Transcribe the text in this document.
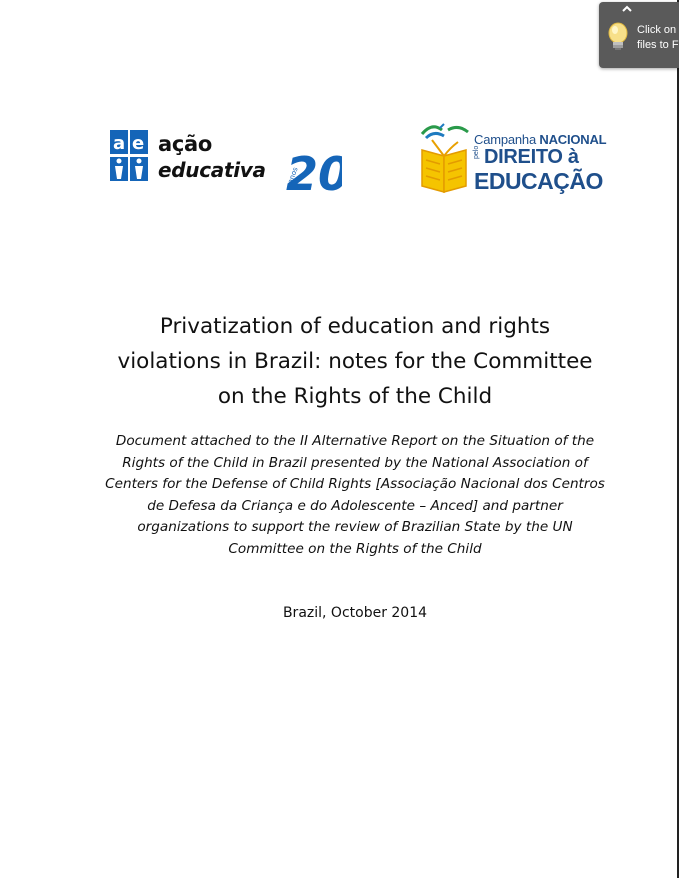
Click on
files to F
a e ação
educativa 2
anos
Campanha NACIONAL
pelo DIREITO à
EDUCAÇÃO
Privatization of education and rights
violations in Brazil: notes for the Committee
on the Rights of the Child

Document attached to the II Alternative Report on the Situation of the
Rights of the Child in Brazil presented by the National Association of
Centers for the Defense of Child Rights [Associação Nacional dos Centros
de Defesa da Criança e do Adolescente – Anced] and partner
organizations to support the review of Brazilian State by the UN
Committee on the Rights of the Child

Brazil, October 2014
